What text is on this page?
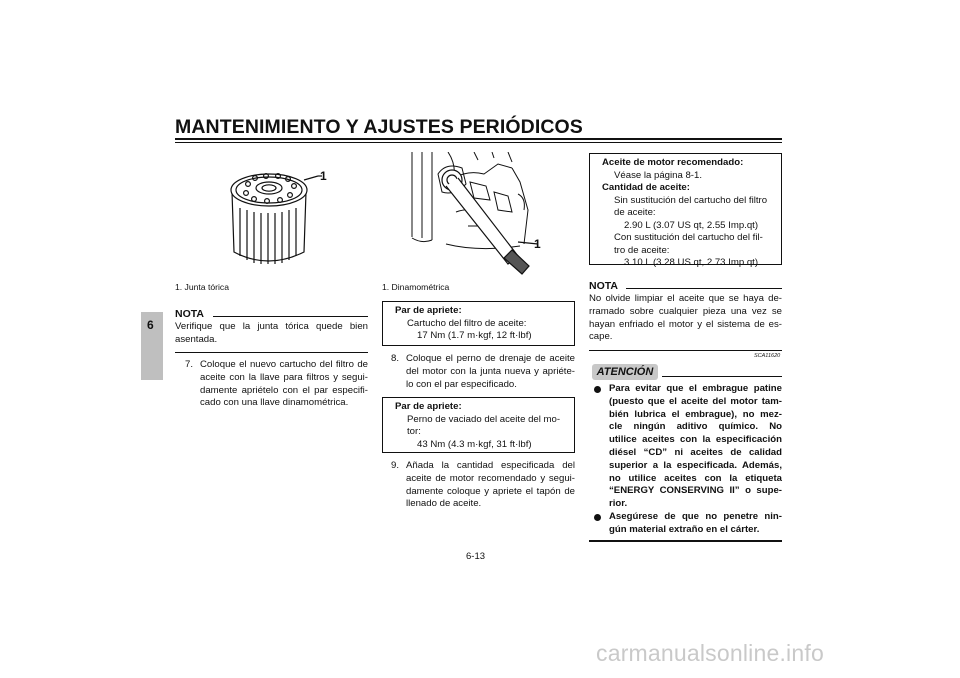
MANTENIMIENTO Y AJUSTES PERIÓDICOS
6
1
1. Junta tórica
NOTA
Verifique que la junta tórica quede bien
asentada.
7. Coloque el nuevo cartucho del filtro de
aceite con la llave para filtros y segui-
damente apriételo con el par especifi-
cado con una llave dinamométrica.
1
1. Dinamométrica
Par de apriete:
Cartucho del filtro de aceite:
17 Nm (1.7 m·kgf, 12 ft·lbf)
8. Coloque el perno de drenaje de aceite
del motor con la junta nueva y apriéte-
lo con el par especificado.
Par de apriete:
Perno de vaciado del aceite del mo-
tor:
43 Nm (4.3 m·kgf, 31 ft·lbf)
9. Añada la cantidad especificada del
aceite de motor recomendado y segui-
damente coloque y apriete el tapón de
llenado de aceite.
Aceite de motor recomendado:
Véase la página 8-1.
Cantidad de aceite:
Sin sustitución del cartucho del filtro
de aceite:
2.90 L (3.07 US qt, 2.55 Imp.qt)
Con sustitución del cartucho del fil-
tro de aceite:
3.10 L (3.28 US qt, 2.73 Imp.qt)
NOTA
No olvide limpiar el aceite que se haya de-
rramado sobre cualquier pieza una vez se
hayan enfriado el motor y el sistema de es-
cape.
SCA11620
ATENCIÓN
Para evitar que el embrague patine
(puesto que el aceite del motor tam-
bién lubrica el embrague), no mez-
cle ningún aditivo químico. No
utilice aceites con la especificación
diésel “CD” ni aceites de calidad
superior a la especificada. Además,
no utilice aceites con la etiqueta
“ENERGY CONSERVING II” o supe-
rior.
Asegúrese de que no penetre nin-
gún material extraño en el cárter.
6-13
carmanualsonline.info
